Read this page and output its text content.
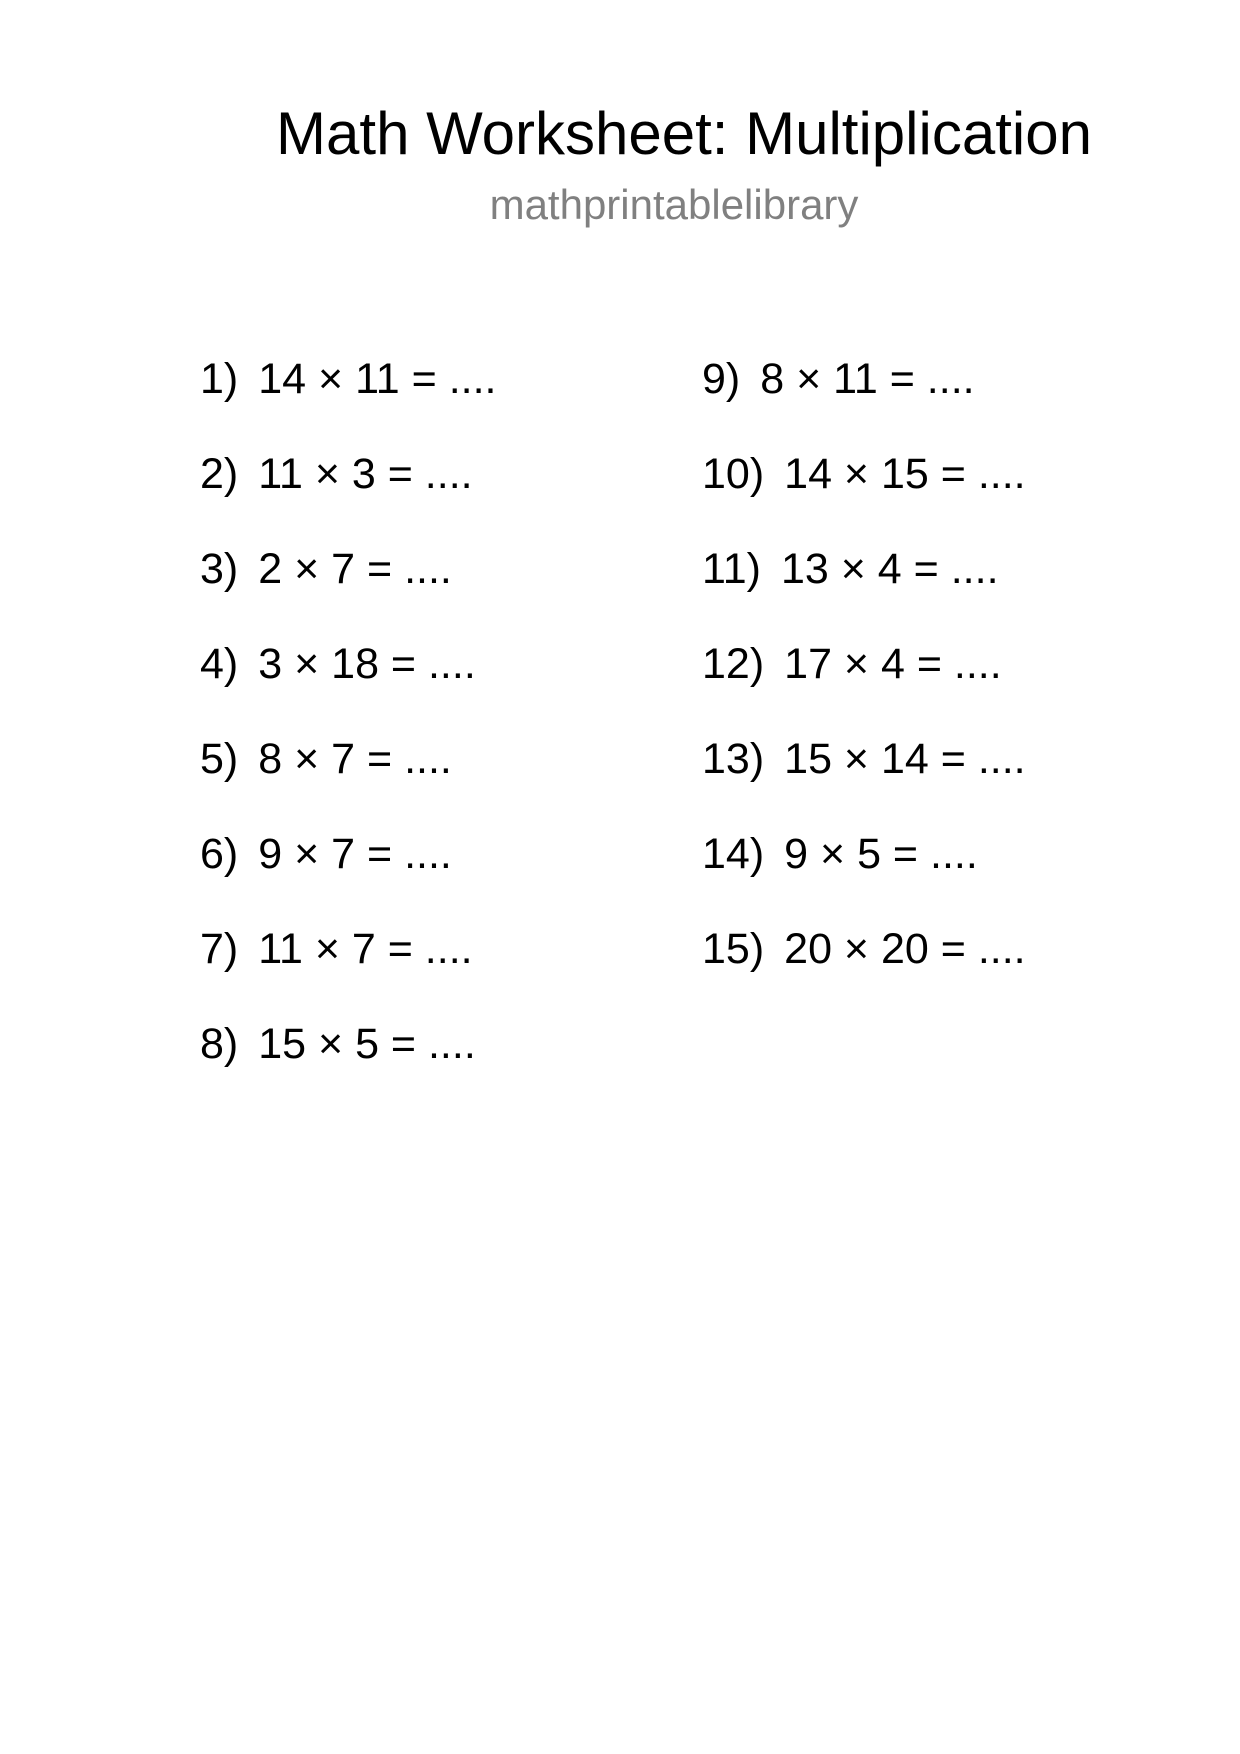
Math Worksheet: Multiplication
mathprintablelibrary
1) 14 × 11 = ....
2) 11 × 3 = ....
3) 2 × 7 = ....
4) 3 × 18 = ....
5) 8 × 7 = ....
6) 9 × 7 = ....
7) 11 × 7 = ....
8) 15 × 5 = ....
9) 8 × 11 = ....
10) 14 × 15 = ....
11) 13 × 4 = ....
12) 17 × 4 = ....
13) 15 × 14 = ....
14) 9 × 5 = ....
15) 20 × 20 = ....
